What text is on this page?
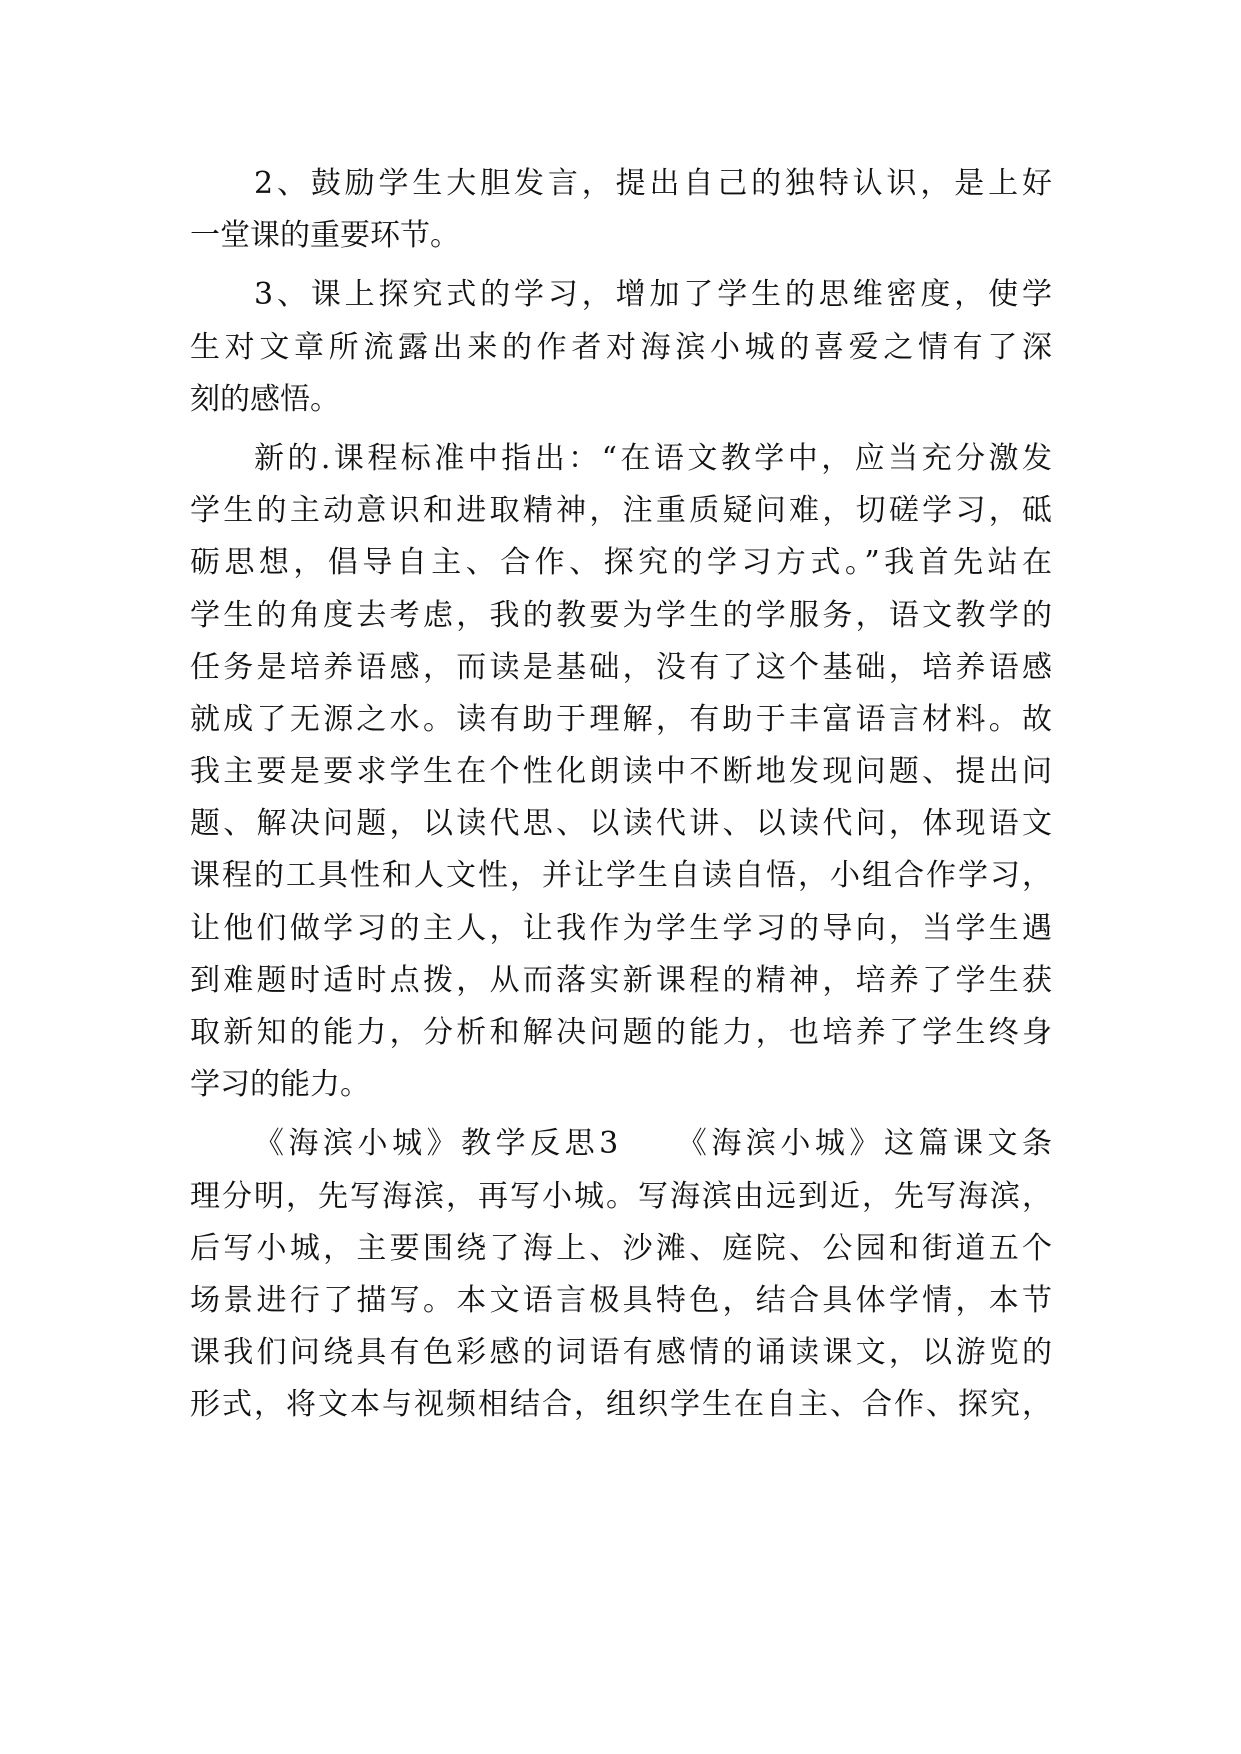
2、鼓励学生大胆发言，提出自己的独特认识，是上好
一堂课的重要环节。
3、课上探究式的学习，增加了学生的思维密度，使学
生对文章所流露出来的作者对海滨小城的喜爱之情有了深
刻的感悟。
新的.课程标准中指出：“在语文教学中，应当充分激发
学生的主动意识和进取精神，注重质疑问难，切磋学习，砥
砺思想，倡导自主、合作、探究的学习方式。”我首先站在
学生的角度去考虑，我的教要为学生的学服务，语文教学的
任务是培养语感，而读是基础，没有了这个基础，培养语感
就成了无源之水。读有助于理解，有助于丰富语言材料。故
我主要是要求学生在个性化朗读中不断地发现问题、提出问
题、解决问题，以读代思、以读代讲、以读代问，体现语文
课程的工具性和人文性，并让学生自读自悟，小组合作学习，
让他们做学习的主人，让我作为学生学习的导向，当学生遇
到难题时适时点拨，从而落实新课程的精神，培养了学生获
取新知的能力，分析和解决问题的能力，也培养了学生终身
学习的能力。
《海滨小城》教学反思3　　《海滨小城》这篇课文条
理分明，先写海滨，再写小城。写海滨由远到近，先写海滨，
后写小城，主要围绕了海上、沙滩、庭院、公园和街道五个
场景进行了描写。本文语言极具特色，结合具体学情，本节
课我们问绕具有色彩感的词语有感情的诵读课文，以游览的
形式，将文本与视频相结合，组织学生在自主、合作、探究，
